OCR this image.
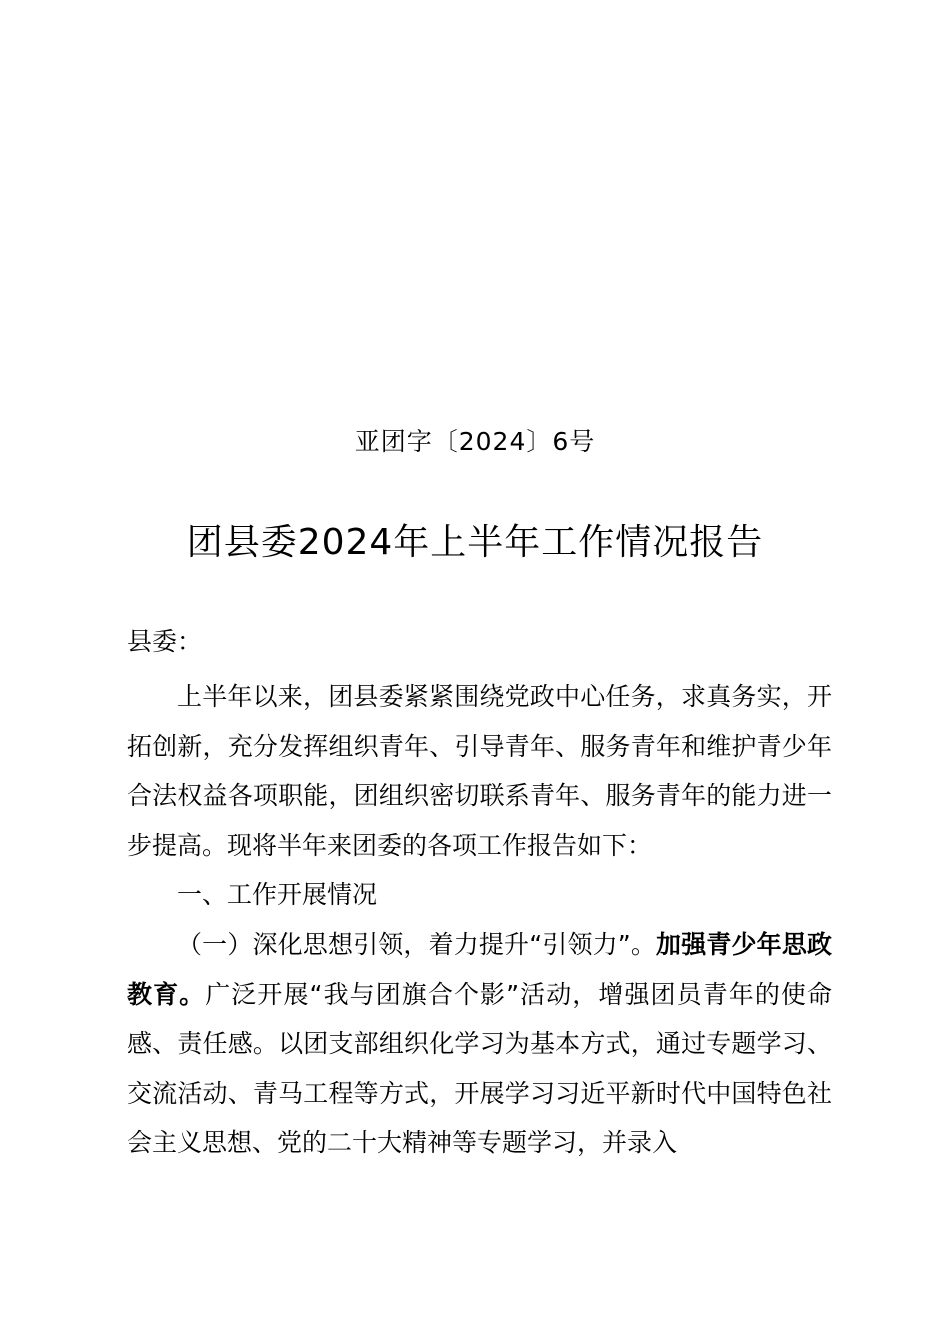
亚团字〔2024〕6号
团县委2024年上半年工作情况报告
县委：

上半年以来，团县委紧紧围绕党政中心任务，求真务实，开拓创新，充分发挥组织青年、引导青年、服务青年和维护青少年合法权益各项职能，团组织密切联系青年、服务青年的能力进一步提高。现将半年来团委的各项工作报告如下：

一、工作开展情况

（一）深化思想引领，着力提升“引领力”。加强青少年思政教育。广泛开展“我与团旗合个影”活动，增强团员青年的使命感、责任感。以团支部组织化学习为基本方式，通过专题学习、交流活动、青马工程等方式，开展学习习近平新时代中国特色社会主义思想、党的二十大精神等专题学习，并录入
